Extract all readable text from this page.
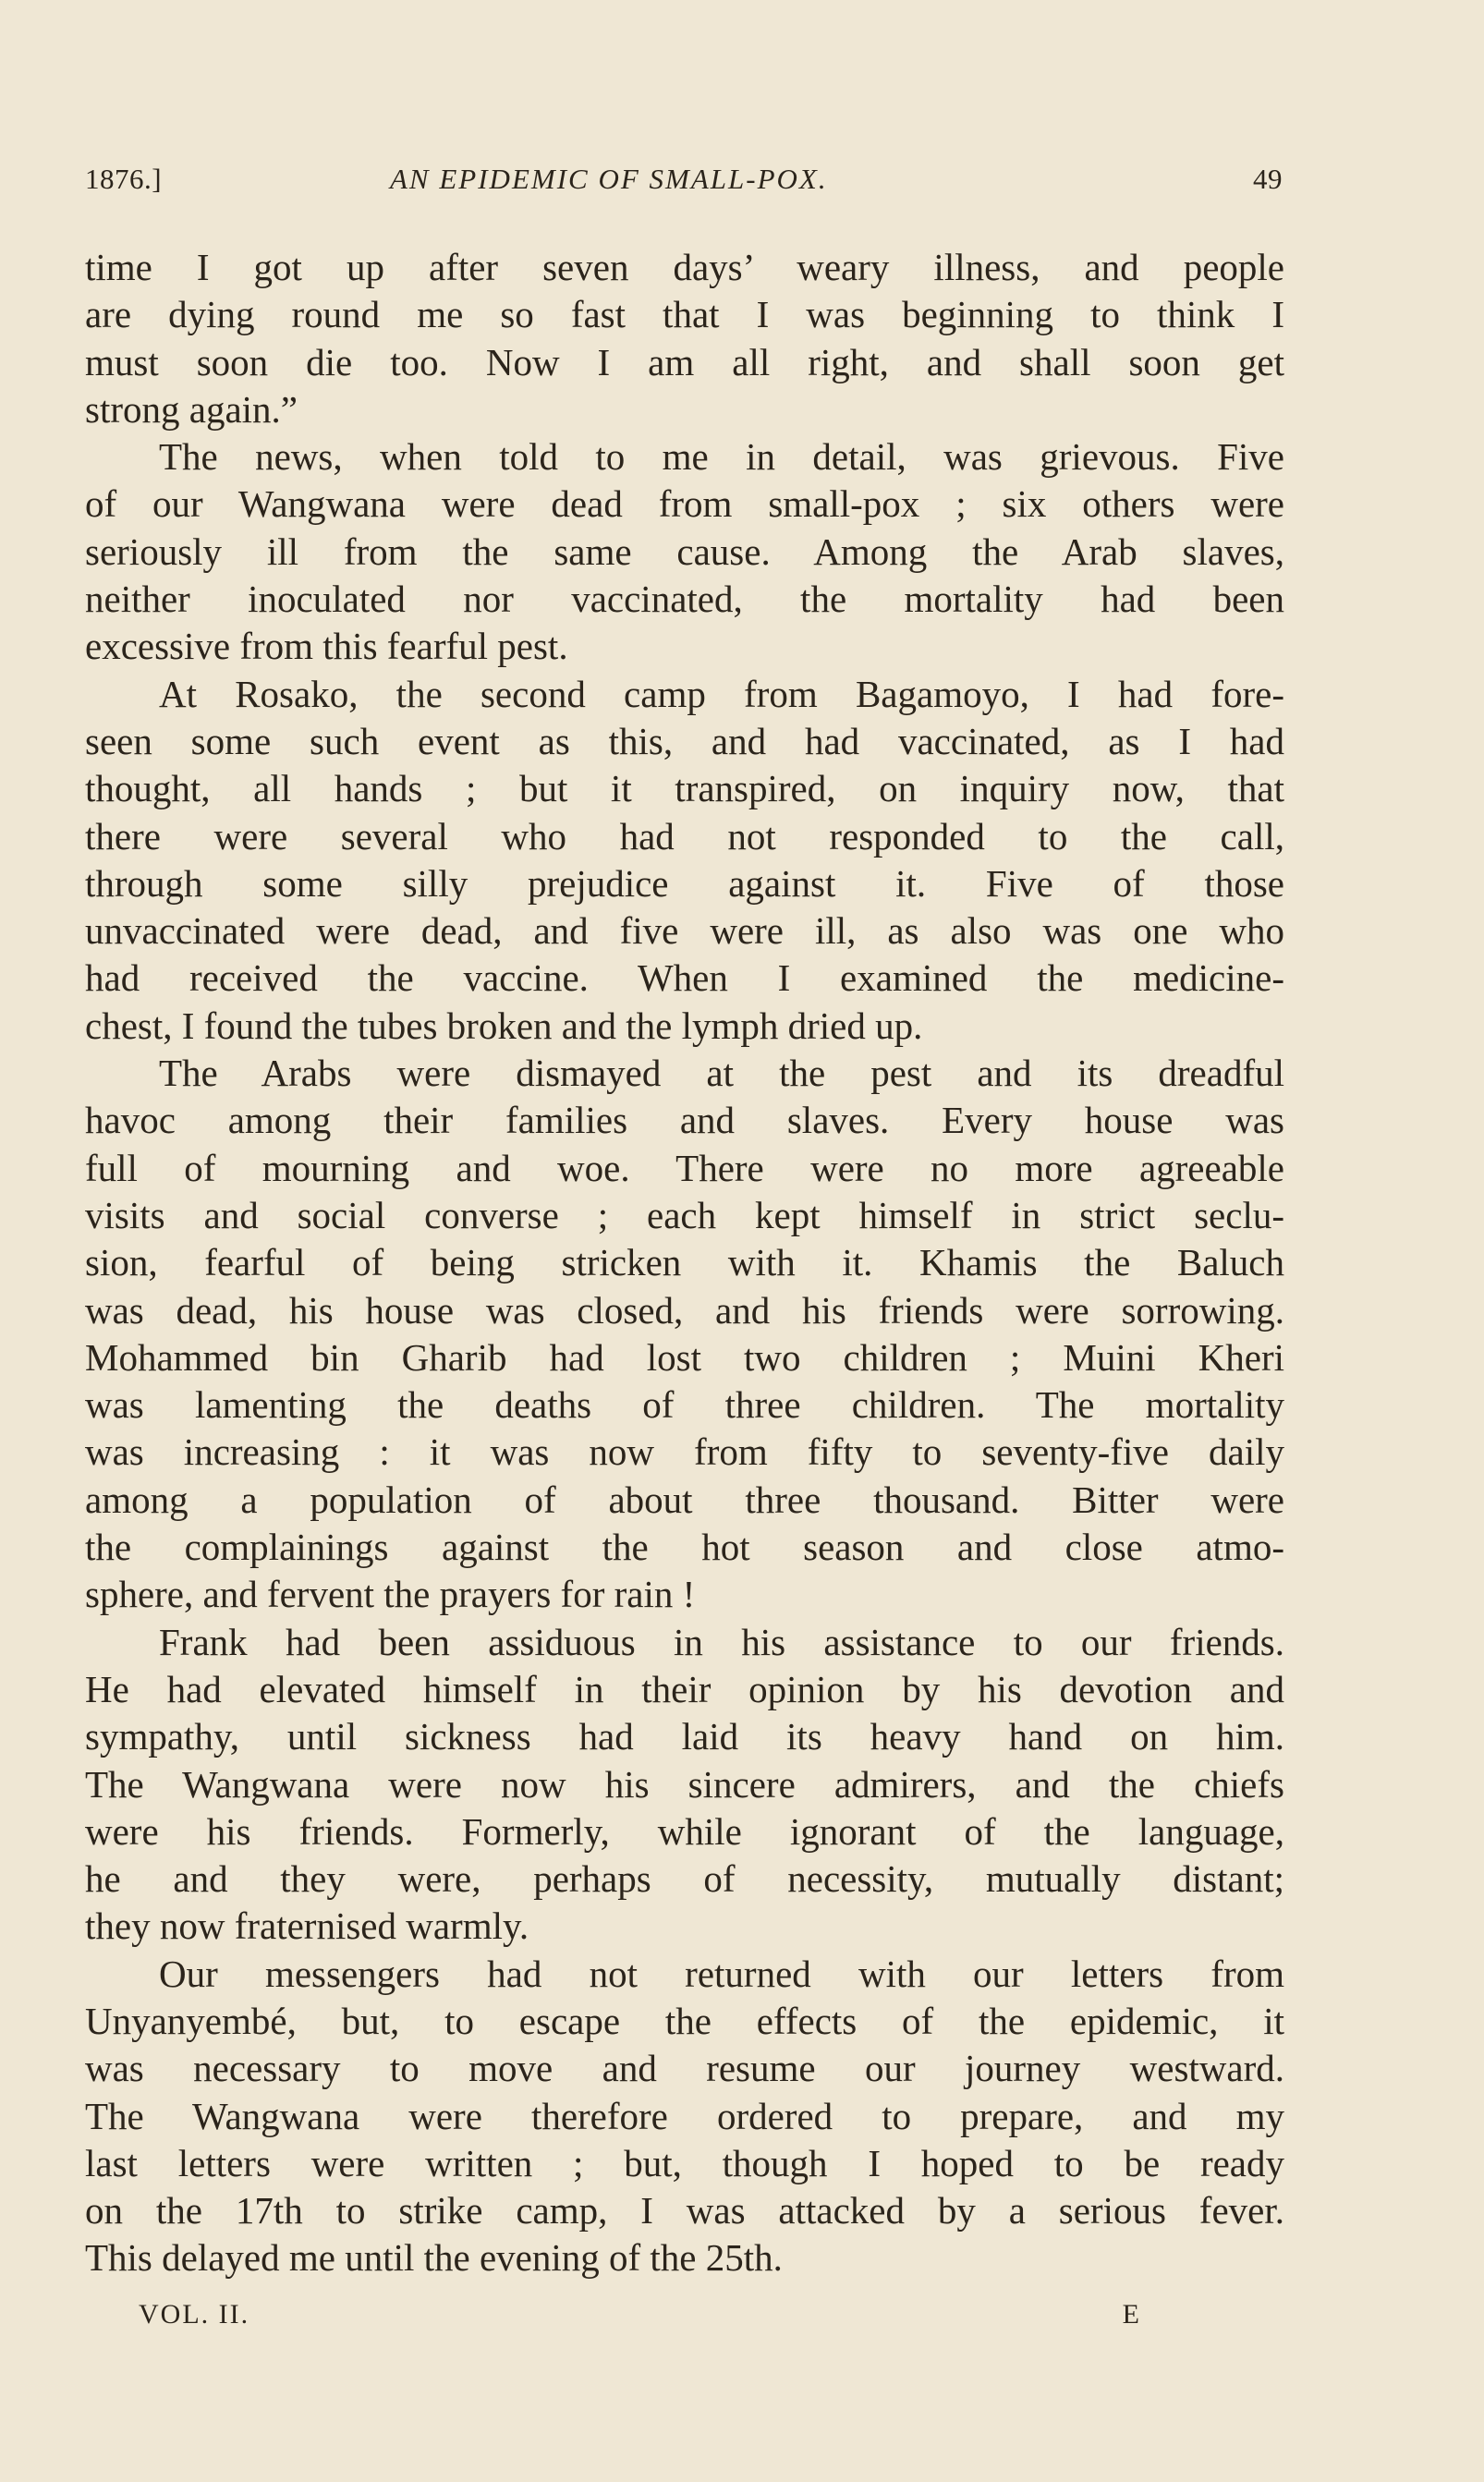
1876.]	AN EPIDEMIC OF SMALL-POX.	49
time I got up after seven days’ weary illness, and people
are dying round me so fast that I was beginning to think I
must soon die too. Now I am all right, and shall soon get
strong again.”
The news, when told to me in detail, was grievous. Five
of our Wangwana were dead from small-pox ; six others were
seriously ill from the same cause. Among the Arab slaves,
neither inoculated nor vaccinated, the mortality had been
excessive from this fearful pest.
At Rosako, the second camp from Bagamoyo, I had fore-
seen some such event as this, and had vaccinated, as I had
thought, all hands ; but it transpired, on inquiry now, that
there were several who had not responded to the call,
through some silly prejudice against it. Five of those
unvaccinated were dead, and five were ill, as also was one who
had received the vaccine. When I examined the medicine-
chest, I found the tubes broken and the lymph dried up.
The Arabs were dismayed at the pest and its dreadful
havoc among their families and slaves. Every house was
full of mourning and woe. There were no more agreeable
visits and social converse ; each kept himself in strict seclu-
sion, fearful of being stricken with it. Khamis the Baluch
was dead, his house was closed, and his friends were sorrowing.
Mohammed bin Gharib had lost two children ; Muini Kheri
was lamenting the deaths of three children. The mortality
was increasing : it was now from fifty to seventy-five daily
among a population of about three thousand. Bitter were
the complainings against the hot season and close atmo-
sphere, and fervent the prayers for rain !
Frank had been assiduous in his assistance to our friends.
He had elevated himself in their opinion by his devotion and
sympathy, until sickness had laid its heavy hand on him.
The Wangwana were now his sincere admirers, and the chiefs
were his friends. Formerly, while ignorant of the language,
he and they were, perhaps of necessity, mutually distant;
they now fraternised warmly.
Our messengers had not returned with our letters from
Unyanyembé, but, to escape the effects of the epidemic, it
was necessary to move and resume our journey westward.
The Wangwana were therefore ordered to prepare, and my
last letters were written ; but, though I hoped to be ready
on the 17th to strike camp, I was attacked by a serious fever.
This delayed me until the evening of the 25th.
VOL. II.	E
